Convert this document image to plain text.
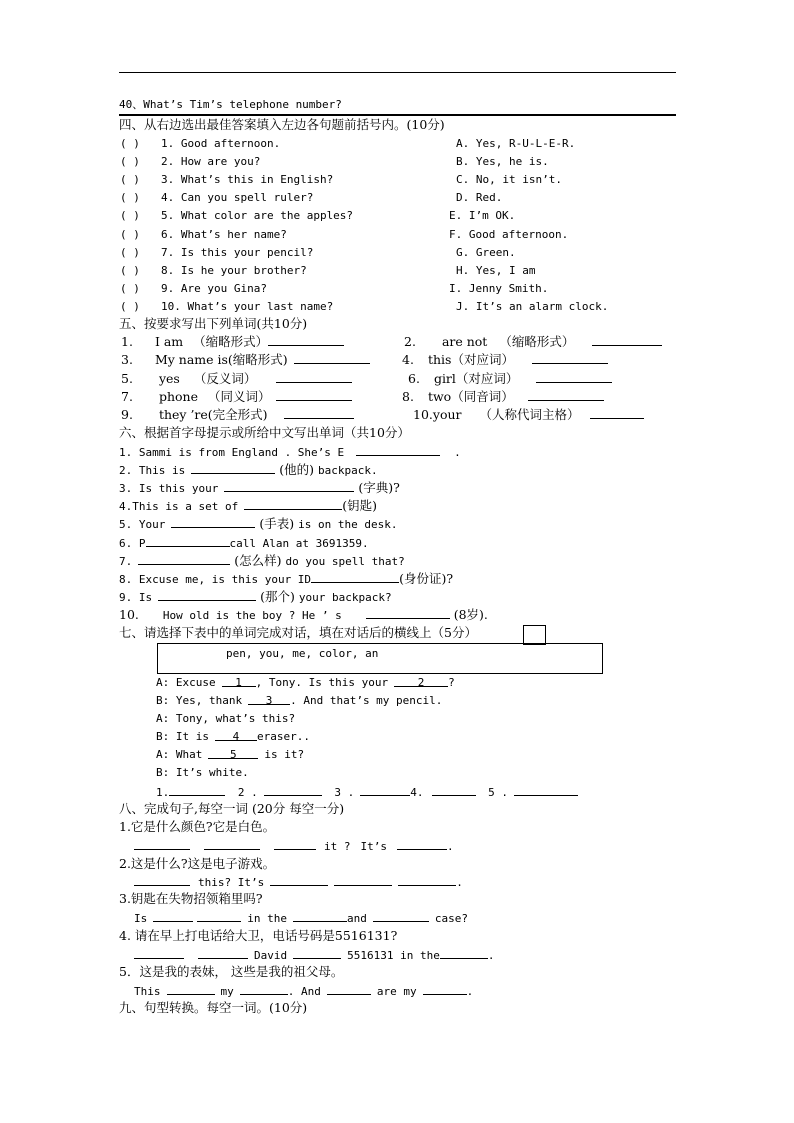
40、What’s Tim’s telephone number?
四、从右边选出最佳答案填入左边各句题前括号内。(10分)
( ) 1. Good afternoon.	A. Yes, R-U-L-E-R.
( ) 2. How are you?	B. Yes, he is.
( ) 3. What’s this in English?	C. No, it isn’t.
( ) 4. Can you spell ruler?	D. Red.
( ) 5. What color are the apples?	E. I’m OK.
( ) 6. What’s her name?	F. Good afternoon.
( ) 7. Is this your pencil?	G. Green.
( ) 8. Is he your brother?	H. Yes, I am
( ) 9. Are you Gina?	I. Jenny Smith.
( ) 10. What’s your last name?	J. It’s an alarm clock.
五、按要求写出下列单词(共10分)
1. I am （缩略形式）	2. are not （缩略形式）
3. My name is(缩略形式)	4. this（对应词）
5. yes （反义词）	6. girl（对应词）
7. phone （同义词）	8. two（同音词）
9. they ’re(完全形式)	10.your （人称代词主格）
六、根据首字母提示或所给中文写出单词（共10分）
1. Sammi is from England . She’s E	.
2. This is	(他的) backpack.
3. Is this your	(字典)?
4.This is a set of	(钥匙)
5. Your	(手表) is on the desk.
6. P	call Alan at 3691359.
7.	(怎么样) do you spell that?
8. Excuse me, is this your ID	(身份证)?
9. Is	(那个) your backpack?
10. How old is the boy ? He ’ s	(8岁).
七、请选择下表中的单词完成对话，填在对话后的横线上（5分）
pen, you, me, color, an
A: Excuse 1 , Tony. Is this your	2 ?
B: Yes, thank 3 . And that’s my pencil.
A: Tony, what’s this?
B: It is 4 eraser..
A: What	5	is it?
B: It’s white.
1.	2 .	3 .	4.	5 .
八、完成句子,每空一词 (20分 每空一分)
1.它是什么颜色?它是白色。
it ? It’s	.
2.这是什么?这是电子游戏。
this? It’s	.
3.钥匙在失物招领箱里吗?
Is	in the	and	case?
4. 请在早上打电话给大卫，电话号码是5516131?
David	5516131 in the	.
5．这是我的表妹， 这些是我的祖父母。
This	my	. And	are my	.
九、句型转换。每空一词。(10分)
